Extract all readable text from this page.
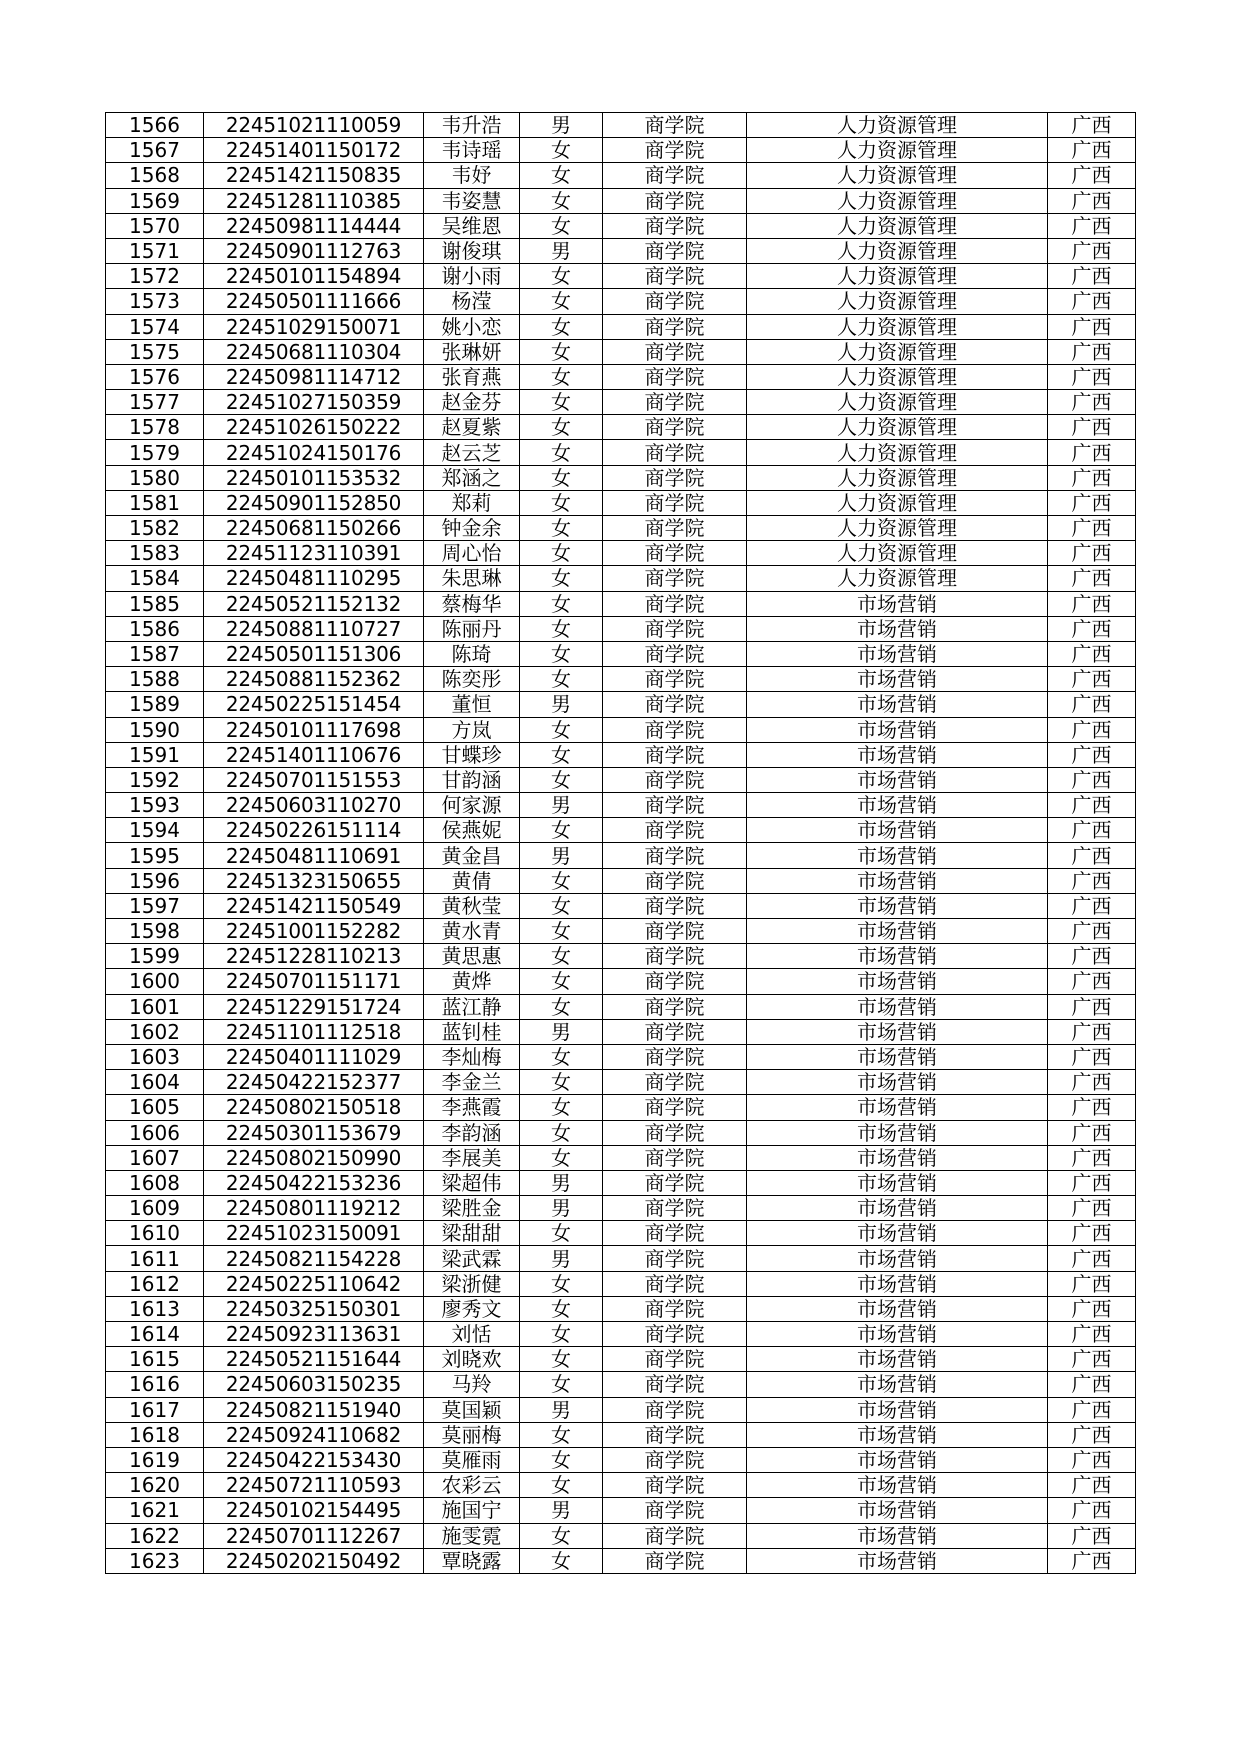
1566	22451021110059	韦升浩	男	商学院	人力资源管理	广西
1567	22451401150172	韦诗瑶	女	商学院	人力资源管理	广西
1568	22451421150835	韦妤	女	商学院	人力资源管理	广西
1569	22451281110385	韦姿慧	女	商学院	人力资源管理	广西
1570	22450981114444	吴维恩	女	商学院	人力资源管理	广西
1571	22450901112763	谢俊琪	男	商学院	人力资源管理	广西
1572	22450101154894	谢小雨	女	商学院	人力资源管理	广西
1573	22450501111666	杨滢	女	商学院	人力资源管理	广西
1574	22451029150071	姚小恋	女	商学院	人力资源管理	广西
1575	22450681110304	张琳妍	女	商学院	人力资源管理	广西
1576	22450981114712	张育燕	女	商学院	人力资源管理	广西
1577	22451027150359	赵金芬	女	商学院	人力资源管理	广西
1578	22451026150222	赵夏紫	女	商学院	人力资源管理	广西
1579	22451024150176	赵云芝	女	商学院	人力资源管理	广西
1580	22450101153532	郑涵之	女	商学院	人力资源管理	广西
1581	22450901152850	郑莉	女	商学院	人力资源管理	广西
1582	22450681150266	钟金余	女	商学院	人力资源管理	广西
1583	22451123110391	周心怡	女	商学院	人力资源管理	广西
1584	22450481110295	朱思琳	女	商学院	人力资源管理	广西
1585	22450521152132	蔡梅华	女	商学院	市场营销	广西
1586	22450881110727	陈丽丹	女	商学院	市场营销	广西
1587	22450501151306	陈琦	女	商学院	市场营销	广西
1588	22450881152362	陈奕彤	女	商学院	市场营销	广西
1589	22450225151454	董恒	男	商学院	市场营销	广西
1590	22450101117698	方岚	女	商学院	市场营销	广西
1591	22451401110676	甘蝶珍	女	商学院	市场营销	广西
1592	22450701151553	甘韵涵	女	商学院	市场营销	广西
1593	22450603110270	何家源	男	商学院	市场营销	广西
1594	22450226151114	侯燕妮	女	商学院	市场营销	广西
1595	22450481110691	黄金昌	男	商学院	市场营销	广西
1596	22451323150655	黄倩	女	商学院	市场营销	广西
1597	22451421150549	黄秋莹	女	商学院	市场营销	广西
1598	22451001152282	黄水青	女	商学院	市场营销	广西
1599	22451228110213	黄思惠	女	商学院	市场营销	广西
1600	22450701151171	黄烨	女	商学院	市场营销	广西
1601	22451229151724	蓝江静	女	商学院	市场营销	广西
1602	22451101112518	蓝钊桂	男	商学院	市场营销	广西
1603	22450401111029	李灿梅	女	商学院	市场营销	广西
1604	22450422152377	李金兰	女	商学院	市场营销	广西
1605	22450802150518	李燕霞	女	商学院	市场营销	广西
1606	22450301153679	李韵涵	女	商学院	市场营销	广西
1607	22450802150990	李展美	女	商学院	市场营销	广西
1608	22450422153236	梁超伟	男	商学院	市场营销	广西
1609	22450801119212	梁胜金	男	商学院	市场营销	广西
1610	22451023150091	梁甜甜	女	商学院	市场营销	广西
1611	22450821154228	梁武霖	男	商学院	市场营销	广西
1612	22450225110642	梁浙健	女	商学院	市场营销	广西
1613	22450325150301	廖秀文	女	商学院	市场营销	广西
1614	22450923113631	刘恬	女	商学院	市场营销	广西
1615	22450521151644	刘晓欢	女	商学院	市场营销	广西
1616	22450603150235	马羚	女	商学院	市场营销	广西
1617	22450821151940	莫国颖	男	商学院	市场营销	广西
1618	22450924110682	莫丽梅	女	商学院	市场营销	广西
1619	22450422153430	莫雁雨	女	商学院	市场营销	广西
1620	22450721110593	农彩云	女	商学院	市场营销	广西
1621	22450102154495	施国宁	男	商学院	市场营销	广西
1622	22450701112267	施雯霓	女	商学院	市场营销	广西
1623	22450202150492	覃晓露	女	商学院	市场营销	广西
